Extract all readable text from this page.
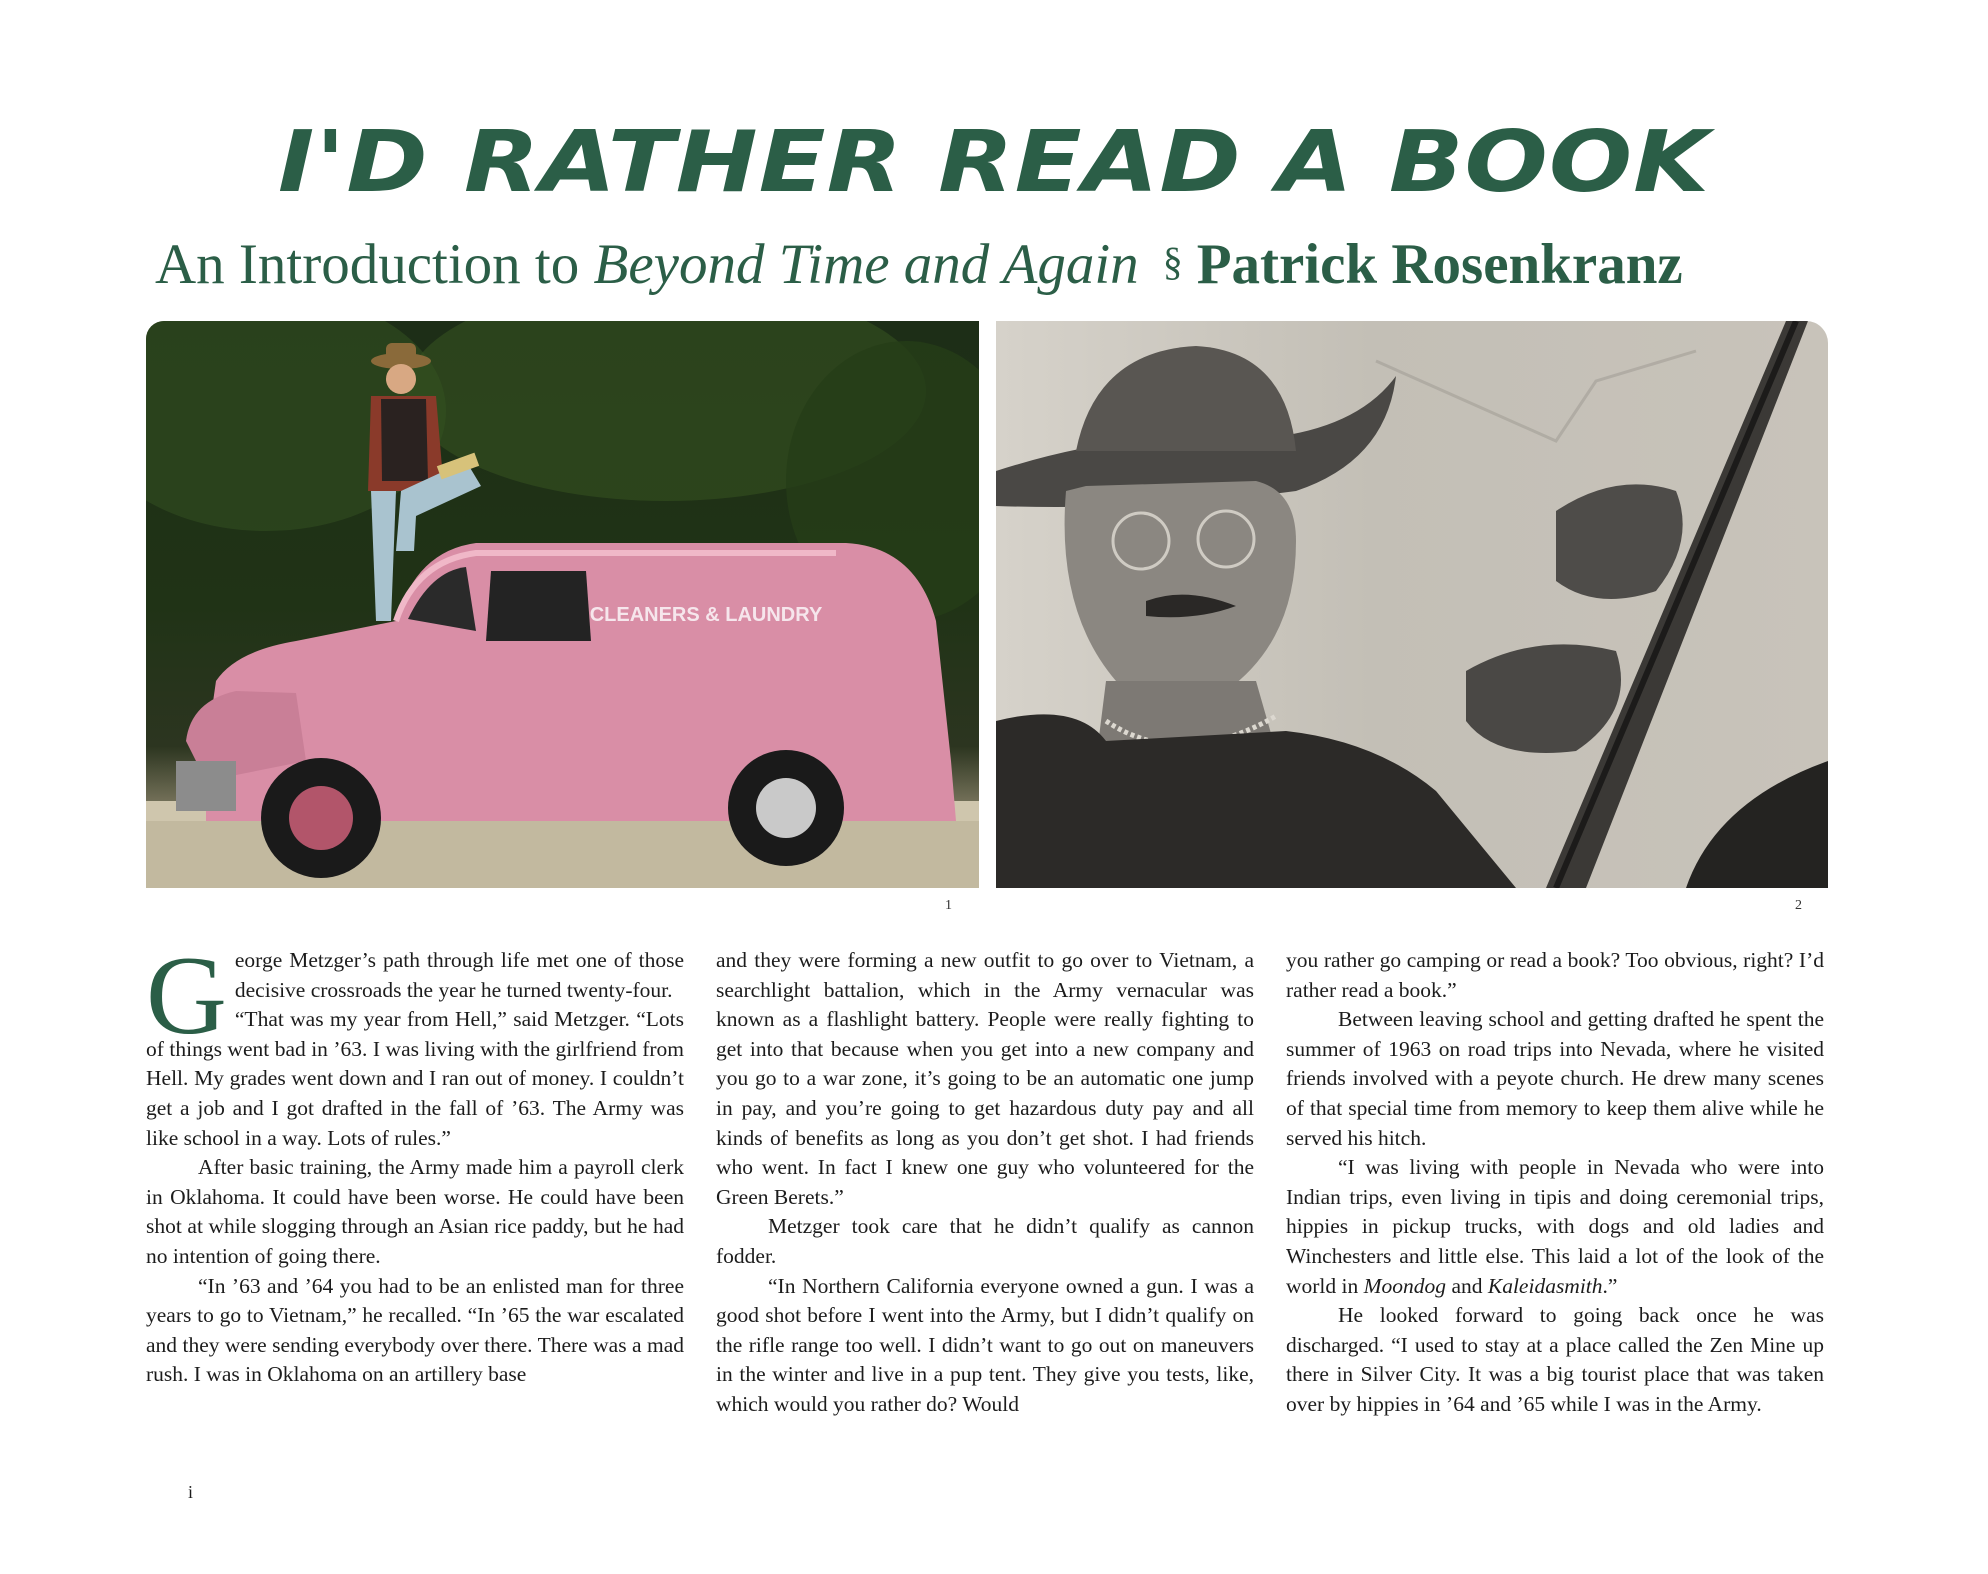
I'D RATHER READ A BOOK
An Introduction to Beyond Time and Again § Patrick Rosenkranz
CLEANERS & LAUNDRY
1	2

George Metzger’s path through life met one of those decisive crossroads the year he turned twenty-four.

“That was my year from Hell,” said Metzger. “Lots of things went bad in ’63. I was living with the girlfriend from Hell. My grades went down and I ran out of money. I couldn’t get a job and I got drafted in the fall of ’63. The Army was like school in a way. Lots of rules.”

After basic training, the Army made him a payroll clerk in Oklahoma. It could have been worse. He could have been shot at while slogging through an Asian rice paddy, but he had no intention of going there.

“In ’63 and ’64 you had to be an enlisted man for three years to go to Vietnam,” he recalled. “In ’65 the war escalated and they were sending everybody over there. There was a mad rush. I was in Oklahoma on an artillery base

and they were forming a new outfit to go over to Vietnam, a searchlight battalion, which in the Army vernacular was known as a flashlight battery. People were really fighting to get into that because when you get into a new company and you go to a war zone, it’s going to be an automatic one jump in pay, and you’re going to get hazardous duty pay and all kinds of benefits as long as you don’t get shot. I had friends who went. In fact I knew one guy who volunteered for the Green Berets.”

Metzger took care that he didn’t qualify as cannon fodder.

“In Northern California everyone owned a gun. I was a good shot before I went into the Army, but I didn’t qualify on the rifle range too well. I didn’t want to go out on maneuvers in the winter and live in a pup tent. They give you tests, like, which would you rather do? Would

you rather go camping or read a book? Too obvious, right? I’d rather read a book.”

Between leaving school and getting drafted he spent the summer of 1963 on road trips into Nevada, where he visited friends involved with a peyote church. He drew many scenes of that special time from memory to keep them alive while he served his hitch.

“I was living with people in Nevada who were into Indian trips, even living in tipis and doing ceremonial trips, hippies in pickup trucks, with dogs and old ladies and Winchesters and little else. This laid a lot of the look of the world in Moondog and Kaleidasmith.”

He looked forward to going back once he was discharged. “I used to stay at a place called the Zen Mine up there in Silver City. It was a big tourist place that was taken over by hippies in ’64 and ’65 while I was in the Army.

i
